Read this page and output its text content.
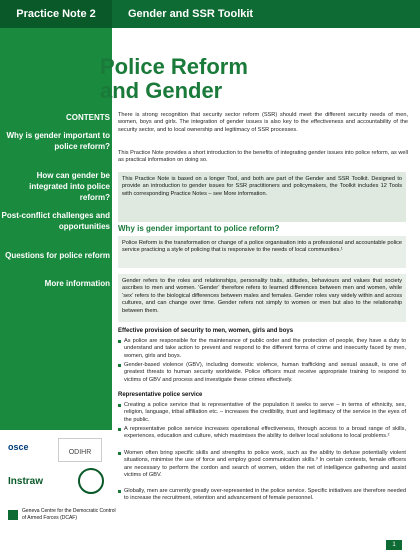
Practice Note 2	Gender and SSR Toolkit
Police Reform
and Gender
CONTENTS
Why is gender important to police reform?
How can gender be integrated into police reform?
Post-conflict challenges and opportunities
Questions for police reform
More information
There is strong recognition that security sector reform (SSR) should meet the different security needs of men, women, boys and girls. The integration of gender issues is also key to the effectiveness and accountability of the security sector, and to local ownership and legitimacy of SSR processes.
This Practice Note provides a short introduction to the benefits of integrating gender issues into police reform, as well as practical information on doing so.
This Practice Note is based on a longer Tool, and both are part of the Gender and SSR Toolkit. Designed to provide an introduction to gender issues for SSR practitioners and policymakers, the Toolkit includes 12 Tools with corresponding Practice Notes – see More information.
Why is gender important to police reform?
Police Reform is the transformation or change of a police organisation into a professional and accountable police service practicing a style of policing that is responsive to the needs of local communities.¹
Gender refers to the roles and relationships, personality traits, attitudes, behaviours and values that society ascribes to men and women. ‘Gender’ therefore refers to learned differences between men and women, while ‘sex’ refers to the biological differences between males and females. Gender roles vary widely within and across cultures, and can change over time. Gender refers not simply to women or men but also to the relationship between them.
Effective provision of security to men, women, girls and boys
As police are responsible for the maintenance of public order and the protection of people, they have a duty to understand and take action to prevent and respond to the different forms of crime and insecurity faced by men, women, girls and boys.
Gender-based violence (GBV), including domestic violence, human trafficking and sexual assault, is one of greatest threats to human security worldwide. Police officers must receive appropriate training to respond to victims of GBV and process and investigate these crimes effectively.
Representative police service
Creating a police service that is representative of the population it seeks to serve – in terms of ethnicity, sex, religion, language, tribal affiliation etc. – increases the credibility, trust and legitimacy of the service in the eyes of the public.
A representative police service increases operational effectiveness, through access to a broad range of skills, experiences, education and culture, which maximises the ability to deliver local solutions to local problems.²
Women often bring specific skills and strengths to police work, such as the ability to defuse potentially violent situations, minimise the use of force and employ good communication skills.³ In certain contexts, female officers are necessary to perform the cordon and search of women, widen the net of intelligence gathering and assist victims of GBV.
Globally, men are currently greatly over-represented in the police service. Specific initiatives are therefore needed to increase the recruitment, retention and advancement of female personnel.
osce
ODIHR
Instraw
Geneva Centre for the Democratic Control of Armed Forces (DCAF)
1
